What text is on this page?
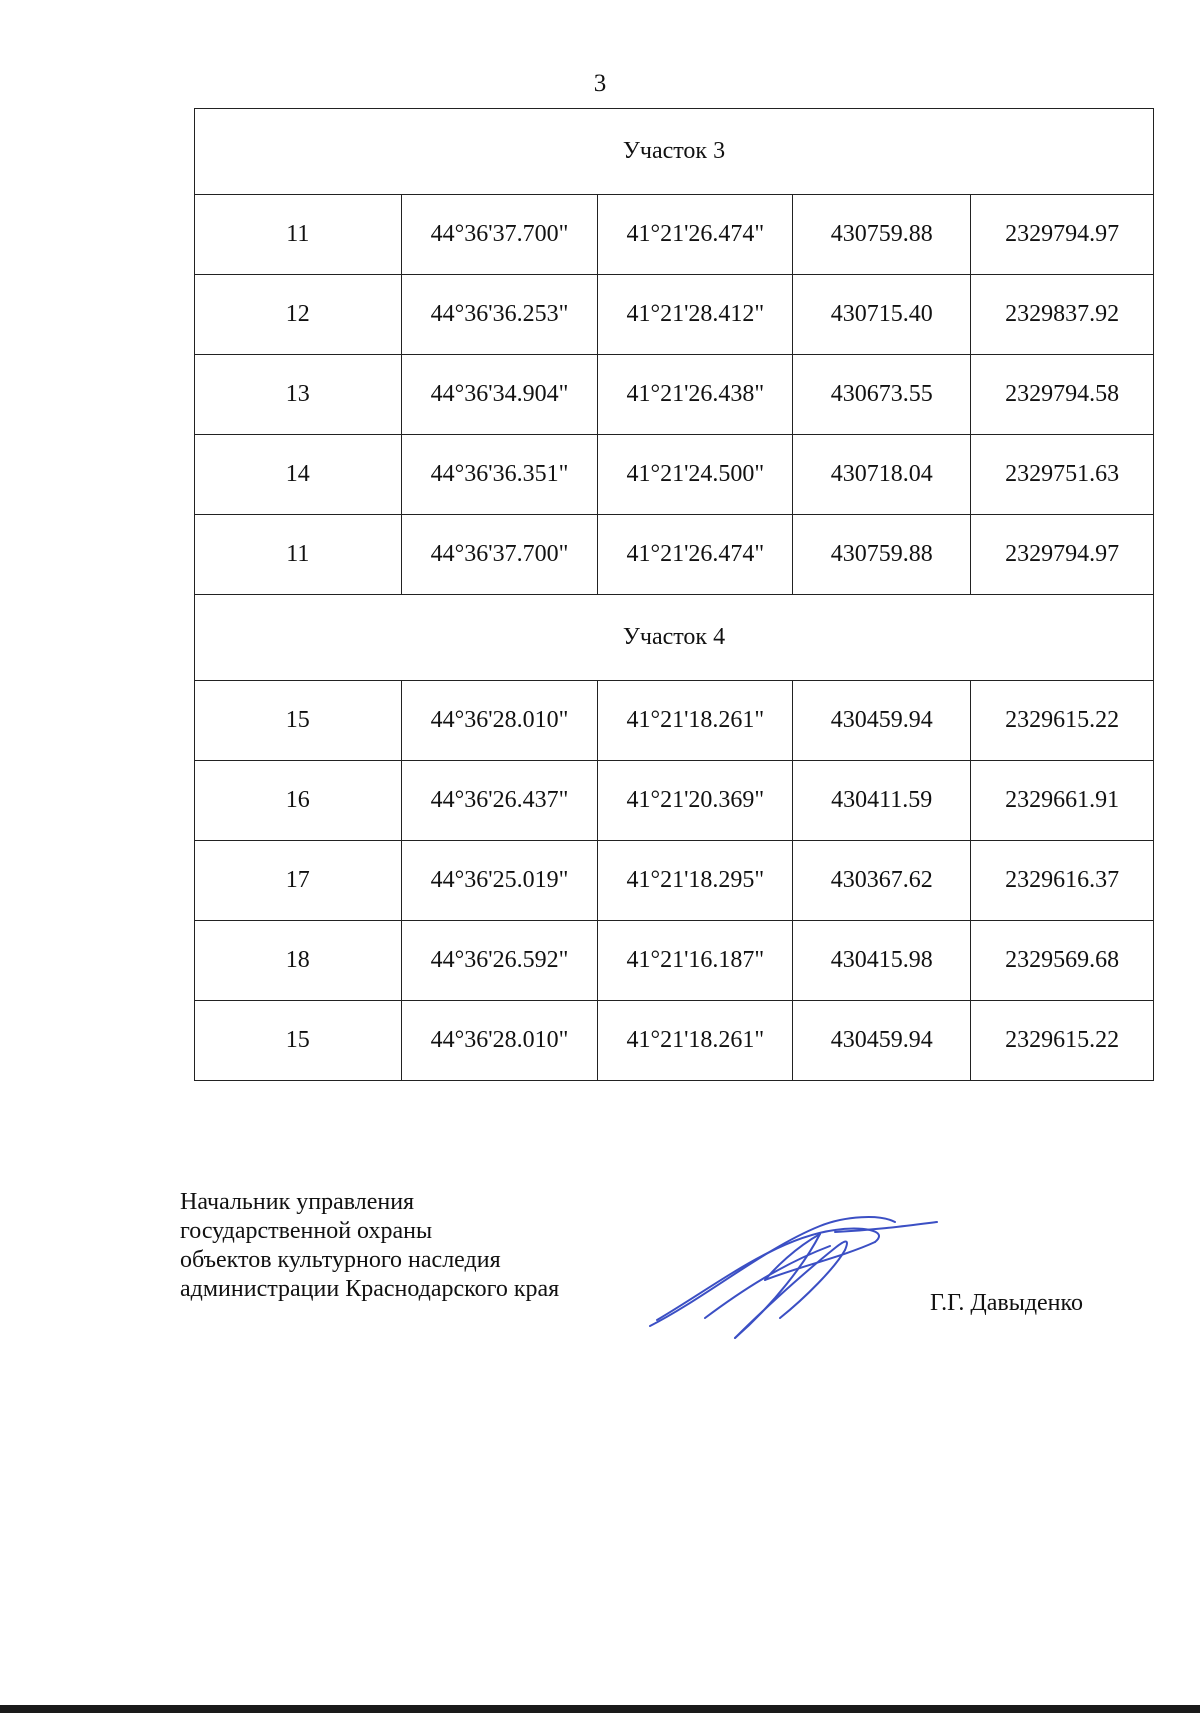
3
Участок 3				
11	44°36'37.700"	41°21'26.474"	430759.88	2329794.97
12	44°36'36.253"	41°21'28.412"	430715.40	2329837.92
13	44°36'34.904"	41°21'26.438"	430673.55	2329794.58
14	44°36'36.351"	41°21'24.500"	430718.04	2329751.63
11	44°36'37.700"	41°21'26.474"	430759.88	2329794.97
Участок 4				
15	44°36'28.010"	41°21'18.261"	430459.94	2329615.22
16	44°36'26.437"	41°21'20.369"	430411.59	2329661.91
17	44°36'25.019"	41°21'18.295"	430367.62	2329616.37
18	44°36'26.592"	41°21'16.187"	430415.98	2329569.68
15	44°36'28.010"	41°21'18.261"	430459.94	2329615.22
Начальник управления
государственной охраны
объектов культурного наследия
администрации Краснодарского края
Г.Г. Давыденко
